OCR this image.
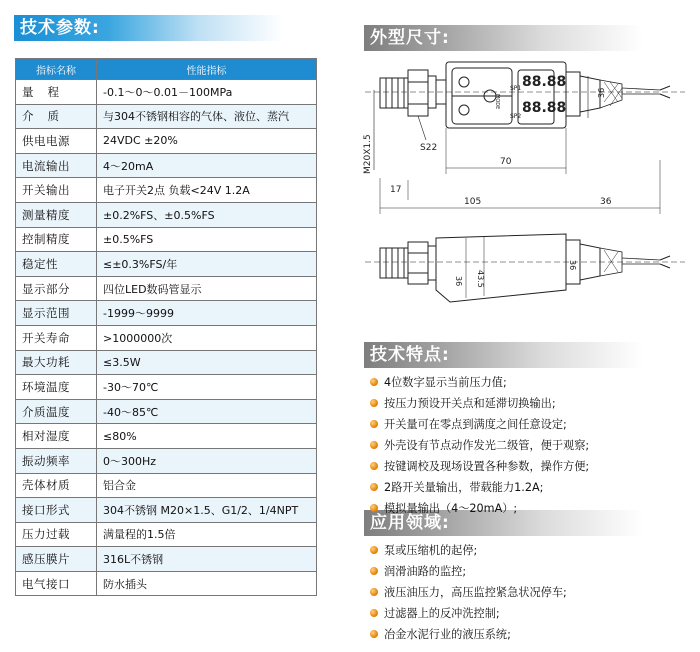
技术参数:	外型尺寸:
技术特点:
应用领域:
指标名称	性能指标
量程	-0.1～0～0.01－100MPa
介质	与304不锈钢相容的气体、液位、蒸汽
供电电源	24VDC ±20%
电流输出	4～20mA
开关输出	电子开关2点 负载<24V 1.2A
测量精度	±0.2%FS、±0.5%FS
控制精度	±0.5%FS
稳定性	≤±0.3%FS/年
显示部分	四位LED数码管显示
显示范围	-1999～9999
开关寿命	>1000000次
最大功耗	≤3.5W
环境温度	-30～70℃
介质温度	-40～85℃
相对湿度	≤80%
振动频率	0～300Hz
壳体材质	铝合金
接口形式	304不锈钢 M20×1.5、G1/2、1/4NPT
压力过载	满量程的1.5倍
感压膜片	316L不锈钢
电气接口	防水插头
88.88
88.88
SP1
SP2
MODE
M20X1.5	S22
36
70
17
105	36
36 43.5
36
4位数字显示当前压力值;
按压力预设开关点和延滞切换输出;
开关量可在零点到满度之间任意设定;
外壳设有节点动作发光二级管，便于观察;
按键调校及现场设置各种参数，操作方便;
2路开关量输出，带载能力1.2A;
模拟量输出（4～20mA）;
泵或压缩机的起停;
润滑油路的监控;
液压油压力，高压监控紧急状况停车;
过滤器上的反冲洗控制;
冶金水泥行业的液压系统;
